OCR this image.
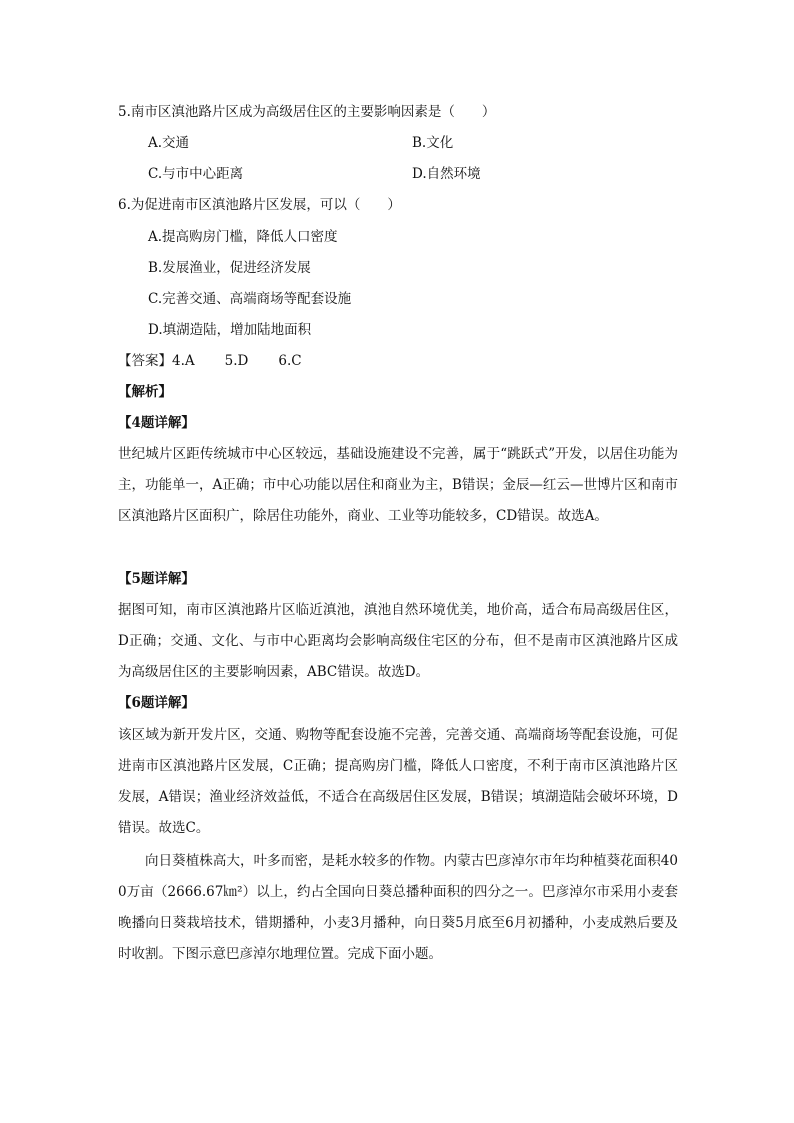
5.南市区滇池路片区成为高级居住区的主要影响因素是（　　）
A.交通	B.文化
C.与市中心距离	D.自然环境
6.为促进南市区滇池路片区发展，可以（　　）
A.提高购房门槛，降低人口密度
B.发展渔业，促进经济发展
C.完善交通、高端商场等配套设施
D.填湖造陆，增加陆地面积
【答案】4.A 5.D 6.C
【解析】
【4题详解】
世纪城片区距传统城市中心区较远，基础设施建设不完善，属于“跳跃式”开发，以居住功能为主，功能单一，A正确；市中心功能以居住和商业为主，B错误；金辰—红云—世博片区和南市区滇池路片区面积广，除居住功能外，商业、工业等功能较多，CD错误。故选A。
【5题详解】
据图可知，南市区滇池路片区临近滇池，滇池自然环境优美，地价高，适合布局高级居住区，D正确；交通、文化、与市中心距离均会影响高级住宅区的分布，但不是南市区滇池路片区成为高级居住区的主要影响因素，ABC错误。故选D。
【6题详解】
该区域为新开发片区，交通、购物等配套设施不完善，完善交通、高端商场等配套设施，可促进南市区滇池路片区发展，C正确；提高购房门槛，降低人口密度，不利于南市区滇池路片区发展，A错误；渔业经济效益低，不适合在高级居住区发展，B错误；填湖造陆会破坏环境，D错误。故选C。
向日葵植株高大，叶多而密，是耗水较多的作物。内蒙古巴彦淖尔市年均种植葵花面积400万亩（2666.67㎞²）以上，约占全国向日葵总播种面积的四分之一。巴彦淖尔市采用小麦套晚播向日葵栽培技术，错期播种，小麦3月播种，向日葵5月底至6月初播种，小麦成熟后要及时收割。下图示意巴彦淖尔地理位置。完成下面小题。
